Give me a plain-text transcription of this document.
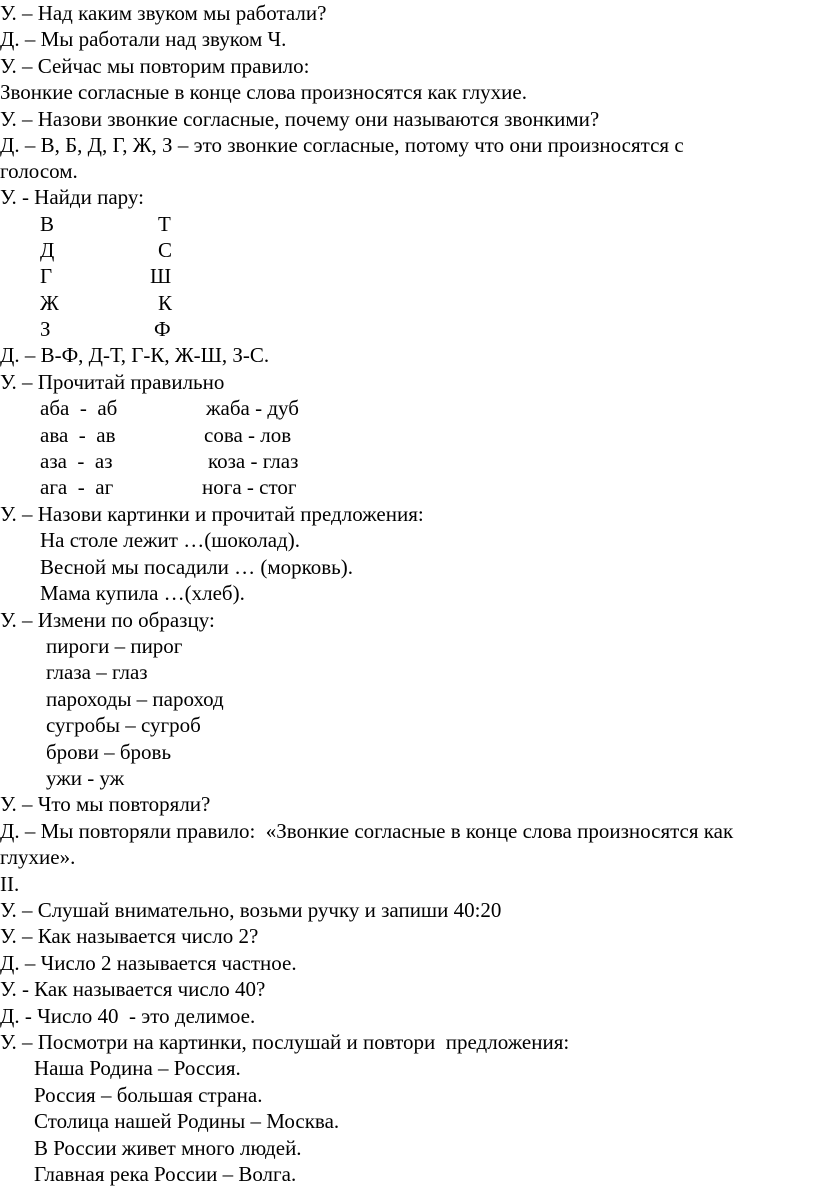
У. – Над каким звуком мы работали?
Д. – Мы работали над звуком Ч.
У. – Сейчас мы повторим правило:
Звонкие согласные в конце слова произносятся как глухие.
У. – Назови звонкие согласные, почему они называются звонкими?
Д. – В, Б, Д, Г, Ж, З – это звонкие согласные, потому что они произносятся с
голосом.
У. - Найди пару:
В	Т
Д	С
Г	Ш
Ж	К
З	Ф
Д. – В-Ф, Д-Т, Г-К, Ж-Ш, З-С.
У. – Прочитай правильно
аба  -  аб	жаба - дуб
ава  -  ав	сова - лов
аза  -  аз	коза - глаз
ага  -  аг	нога - стог
У. – Назови картинки и прочитай предложения:
На столе лежит …(шоколад).
Весной мы посадили … (морковь).
Мама купила …(хлеб).
У. – Измени по образцу:
пироги – пирог
глаза – глаз
пароходы – пароход
сугробы – сугроб
брови – бровь
ужи - уж
У. – Что мы повторяли?
Д. – Мы повторяли правило:  «Звонкие согласные в конце слова произносятся как
глухие».
II.
У. – Слушай внимательно, возьми ручку и запиши 40:20
У. – Как называется число 2?
Д. – Число 2 называется частное.
У. - Как называется число 40?
Д. - Число 40  - это делимое.
У. – Посмотри на картинки, послушай и повтори  предложения:
Наша Родина – Россия.
Россия – большая страна.
Столица нашей Родины – Москва.
В России живет много людей.
Главная река России – Волга.
